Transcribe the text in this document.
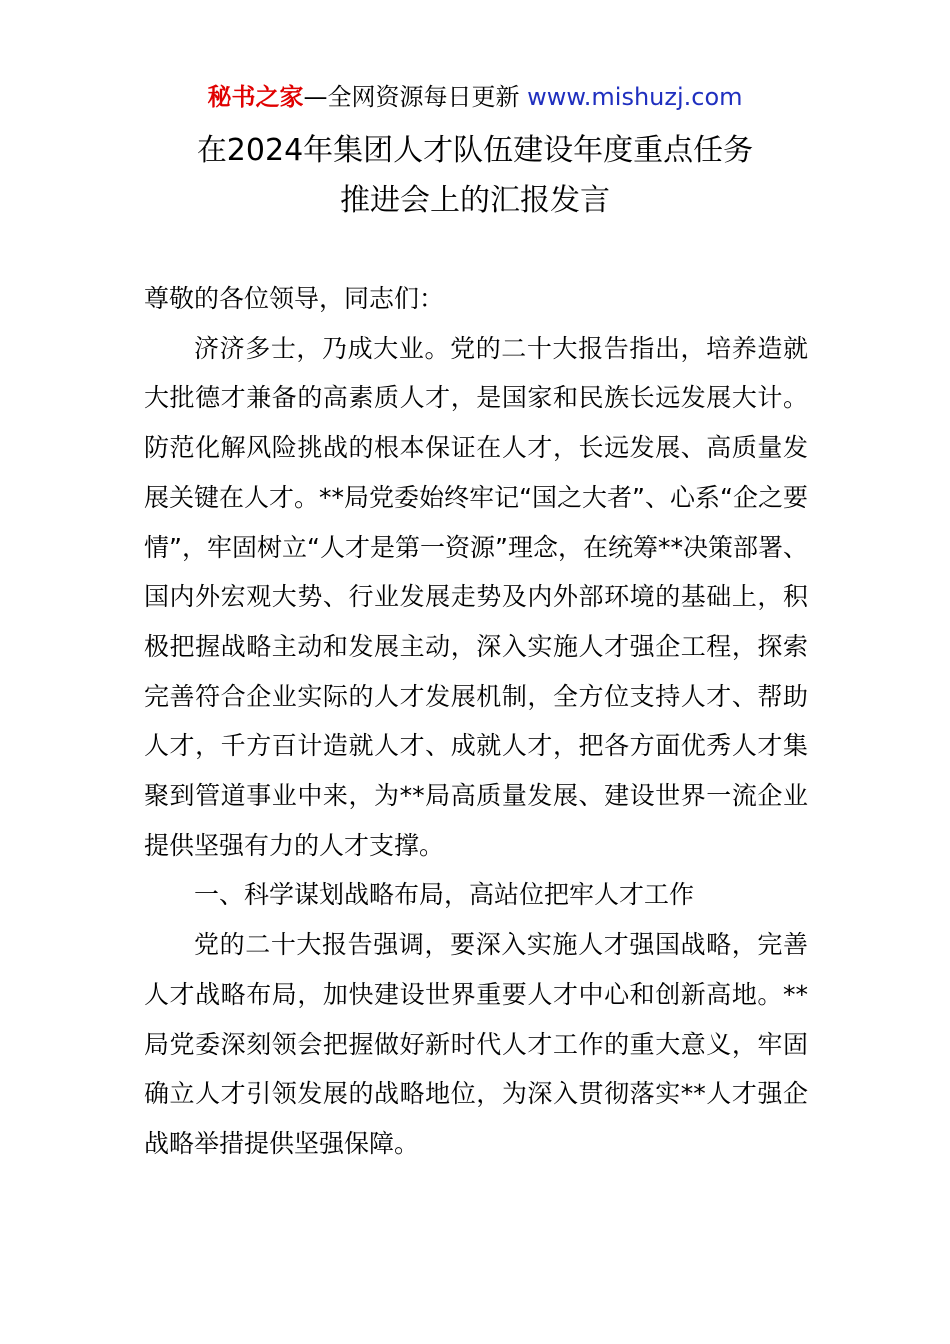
秘书之家—全网资源每日更新 www.mishuzj.com
在2024年集团人才队伍建设年度重点任务
推进会上的汇报发言

尊敬的各位领导，同志们：

济济多士，乃成大业。党的二十大报告指出，培养造就大批德才兼备的高素质人才，是国家和民族长远发展大计。防范化解风险挑战的根本保证在人才，长远发展、高质量发展关键在人才。**局党委始终牢记“国之大者”、心系“企之要情”，牢固树立“人才是第一资源”理念，在统筹**决策部署、国内外宏观大势、行业发展走势及内外部环境的基础上，积极把握战略主动和发展主动，深入实施人才强企工程，探索完善符合企业实际的人才发展机制，全方位支持人才、帮助人才，千方百计造就人才、成就人才，把各方面优秀人才集聚到管道事业中来，为**局高质量发展、建设世界一流企业提供坚强有力的人才支撑。

一、科学谋划战略布局，高站位把牢人才工作

党的二十大报告强调，要深入实施人才强国战略，完善人才战略布局，加快建设世界重要人才中心和创新高地。**局党委深刻领会把握做好新时代人才工作的重大意义，牢固确立人才引领发展的战略地位，为深入贯彻落实**人才强企战略举措提供坚强保障。
